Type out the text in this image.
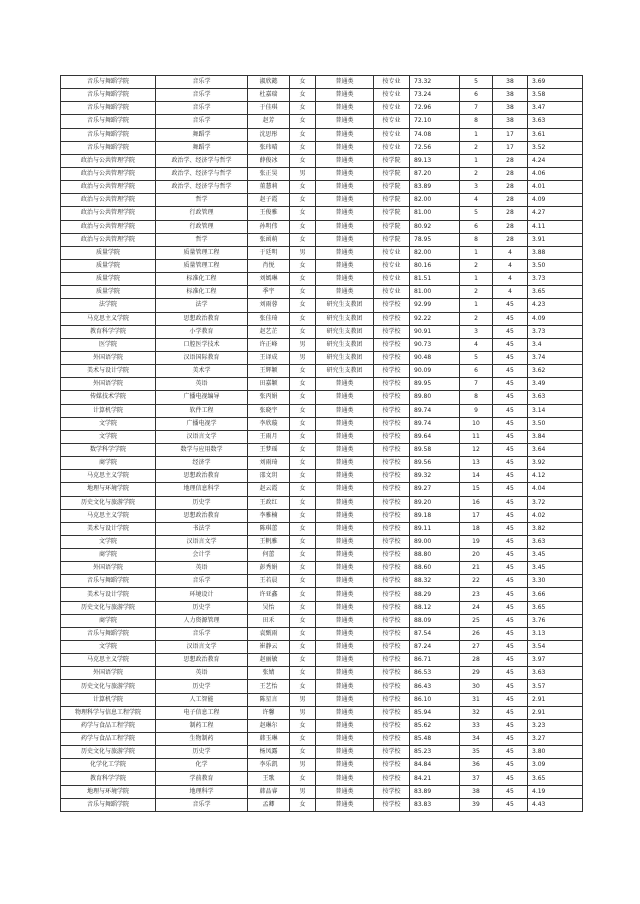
音乐与舞蹈学院	音乐学	淑欣懿	女	普通类	按专业	73.32	5	38	3.69
音乐与舞蹈学院	音乐学	杜嘉瑞	女	普通类	按专业	73.24	6	38	3.58
音乐与舞蹈学院	音乐学	于佳琪	女	普通类	按专业	72.96	7	38	3.47
音乐与舞蹈学院	音乐学	赵芳	女	普通类	按专业	72.10	8	38	3.63
音乐与舞蹈学院	舞蹈学	沈思彤	女	普通类	按专业	74.08	1	17	3.61
音乐与舞蹈学院	舞蹈学	张玮晴	女	普通类	按专业	72.56	2	17	3.52
政治与公共管理学院	政治学、经济学与哲学	薛俊冰	女	普通类	按学院	89.13	1	28	4.24
政治与公共管理学院	政治学、经济学与哲学	张正昊	男	普通类	按学院	87.20	2	28	4.06
政治与公共管理学院	政治学、经济学与哲学	董慧莉	女	普通类	按学院	83.89	3	28	4.01
政治与公共管理学院	哲学	赵子霞	女	普通类	按学院	82.00	4	28	4.09
政治与公共管理学院	行政管理	王俊雅	女	普通类	按学院	81.00	5	28	4.27
政治与公共管理学院	行政管理	孙明伟	女	普通类	按学院	80.92	6	28	4.11
政治与公共管理学院	哲学	张函萌	女	普通类	按学院	78.95	8	28	3.91
质量学院	质量管理工程	于廷明	男	普通类	按专业	82.00	1	4	3.88
质量学院	质量管理工程	肖悦	女	普通类	按专业	80.16	2	4	3.50
质量学院	标准化工程	刘嫣琳	女	普通类	按专业	81.51	1	4	3.73
质量学院	标准化工程	季宇	女	普通类	按专业	81.00	2	4	3.65
法学院	法学	刘雨蓉	女	研究生支教团	按学校	92.99	1	45	4.23
马克思主义学院	思想政治教育	张佳琦	女	研究生支教团	按学校	92.22	2	45	4.09
教育科学学院	小学教育	赵艺芷	女	研究生支教团	按学校	90.91	3	45	3.73
医学院	口腔医学技术	许正峰	男	研究生支教团	按学校	90.73	4	45	3.4
外国语学院	汉语国际教育	王译成	男	研究生支教团	按学校	90.48	5	45	3.74
美术与设计学院	美术学	王辉颖	女	研究生支教团	按学校	90.09	6	45	3.62
外国语学院	英语	田嘉颖	女	普通类	按学校	89.95	7	45	3.49
传媒技术学院	广播电视编导	张丙娟	女	普通类	按学校	89.80	8	45	3.63
计算机学院	软件工程	张晓宇	女	普通类	按学校	89.74	9	45	3.14
文学院	广播电视学	李欣璇	女	普通类	按学校	89.74	10	45	3.50
文学院	汉语言文学	王雨月	女	普通类	按学校	89.64	11	45	3.84
数学科学学院	数学与应用数学	王梦瑶	女	普通类	按学校	89.58	12	45	3.64
商学院	经济学	刘雨琦	女	普通类	按学校	89.56	13	45	3.92
马克思主义学院	思想政治教育	邵文玥	女	普通类	按学校	89.32	14	45	4.12
地理与环境学院	地理信息科学	赵云霞	女	普通类	按学校	89.27	15	45	4.04
历史文化与旅游学院	历史学	王政红	女	普通类	按学校	89.20	16	45	3.72
马克思主义学院	思想政治教育	李雅楠	女	普通类	按学校	89.18	17	45	4.02
美术与设计学院	书法学	陈琪蕾	女	普通类	按学校	89.11	18	45	3.82
文学院	汉语言文学	王帆雅	女	普通类	按学校	89.00	19	45	3.63
商学院	会计学	何蕾	女	普通类	按学校	88.80	20	45	3.45
外国语学院	英语	彭秀娟	女	普通类	按学校	88.60	21	45	3.45
音乐与舞蹈学院	音乐学	王若晨	女	普通类	按学校	88.32	22	45	3.30
美术与设计学院	环境设计	许亚鑫	女	普通类	按学校	88.29	23	45	3.66
历史文化与旅游学院	历史学	吴怡	女	普通类	按学校	88.12	24	45	3.65
商学院	人力资源管理	田禾	女	普通类	按学校	88.09	25	45	3.76
音乐与舞蹈学院	音乐学	袁甄雨	女	普通类	按学校	87.54	26	45	3.13
文学院	汉语言文学	崔静云	女	普通类	按学校	87.24	27	45	3.54
马克思主义学院	思想政治教育	赵丽敏	女	普通类	按学校	86.71	28	45	3.97
外国语学院	英语	张婧	女	普通类	按学校	86.53	29	45	3.63
历史文化与旅游学院	历史学	王艺怡	女	普通类	按学校	86.43	30	45	3.57
计算机学院	人工智能	陈星言	男	普通类	按学校	86.10	31	45	2.91
物理科学与信息工程学院	电子信息工程	许馨	男	普通类	按学校	85.94	32	45	2.91
药学与食品工程学院	制药工程	赵琳尔	女	普通类	按学校	85.62	33	45	3.23
药学与食品工程学院	生物制药	韩玉琳	女	普通类	按学校	85.48	34	45	3.27
历史文化与旅游学院	历史学	杨凤露	女	普通类	按学校	85.23	35	45	3.80
化学化工学院	化学	李乐凯	男	普通类	按学校	84.84	36	45	3.09
教育科学学院	学前教育	王歌	女	普通类	按学校	84.21	37	45	3.65
地理与环境学院	地理科学	韩品睿	男	普通类	按学校	83.89	38	45	4.19
音乐与舞蹈学院	音乐学	孟卿	女	普通类	按学校	83.83	39	45	4.43
